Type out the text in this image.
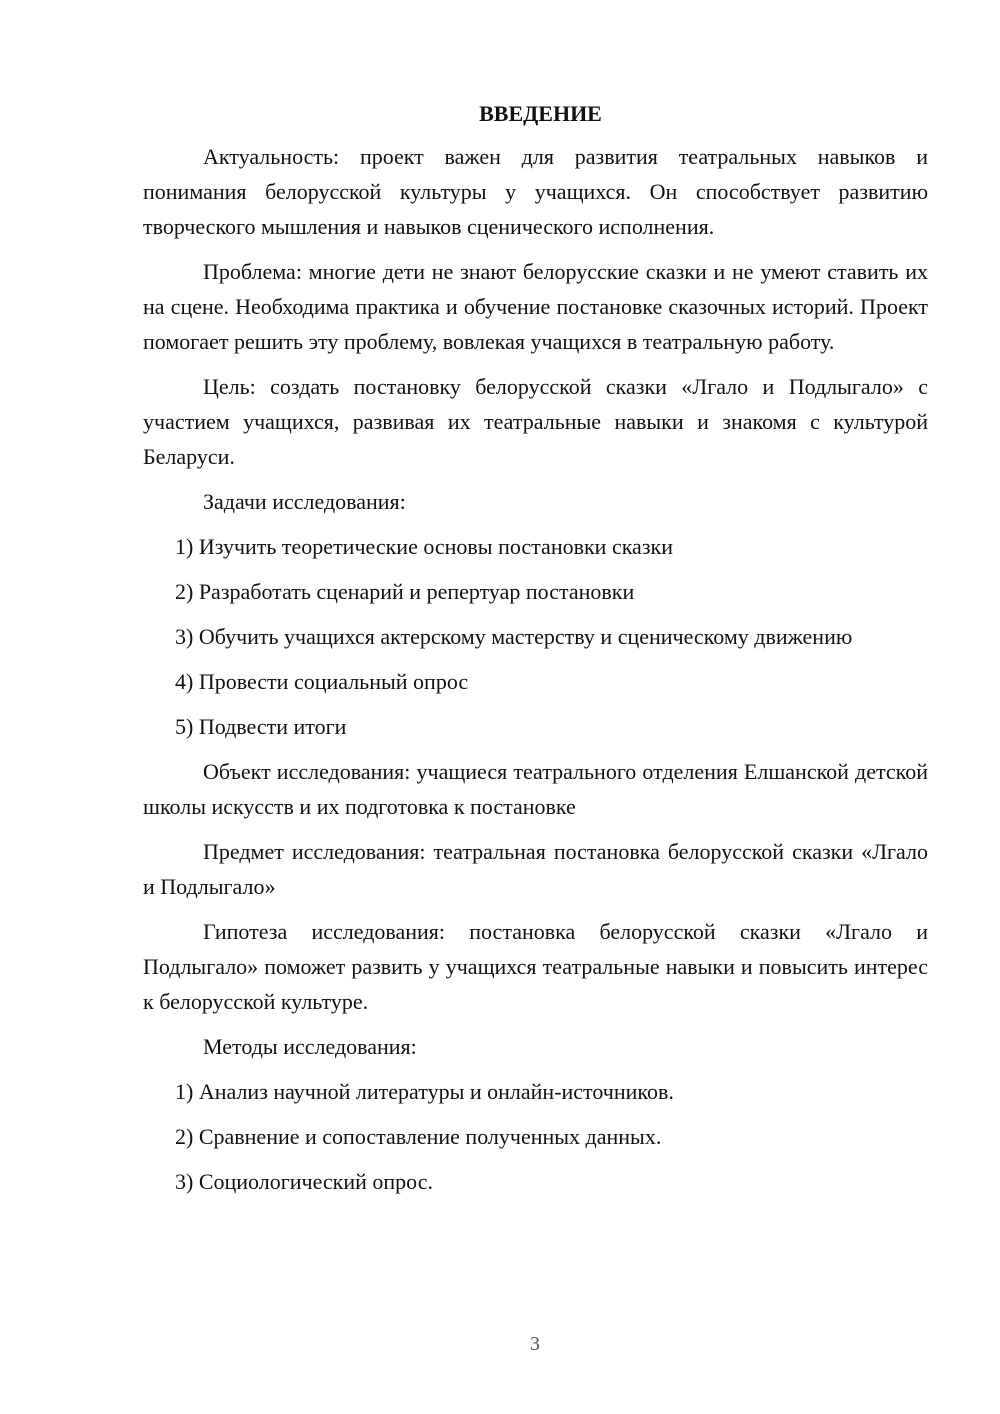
ВВЕДЕНИЕ
Актуальность: проект важен для развития театральных навыков и понимания белорусской культуры у учащихся. Он способствует развитию творческого мышления и навыков сценического исполнения.
Проблема: многие дети не знают белорусские сказки и не умеют ставить их на сцене. Необходима практика и обучение постановке сказочных историй. Проект помогает решить эту проблему, вовлекая учащихся в театральную работу.
Цель: создать постановку белорусской сказки «Лгало и Подлыгало» с участием учащихся, развивая их театральные навыки и знакомя с культурой Беларуси.
Задачи исследования:
1) Изучить теоретические основы постановки сказки
2) Разработать сценарий и репертуар постановки
3) Обучить учащихся актерскому мастерству и сценическому движению
4) Провести социальный опрос
5) Подвести итоги
Объект исследования: учащиеся театрального отделения Елшанской детской школы искусств и их подготовка к постановке
Предмет исследования: театральная постановка белорусской сказки «Лгало и Подлыгало»
Гипотеза исследования: постановка белорусской сказки «Лгало и Подлыгало» поможет развить у учащихся театральные навыки и повысить интерес к белорусской культуре.
Методы исследования:
1) Анализ научной литературы и онлайн-источников.
2) Сравнение и сопоставление полученных данных.
3) Социологический опрос.
3
